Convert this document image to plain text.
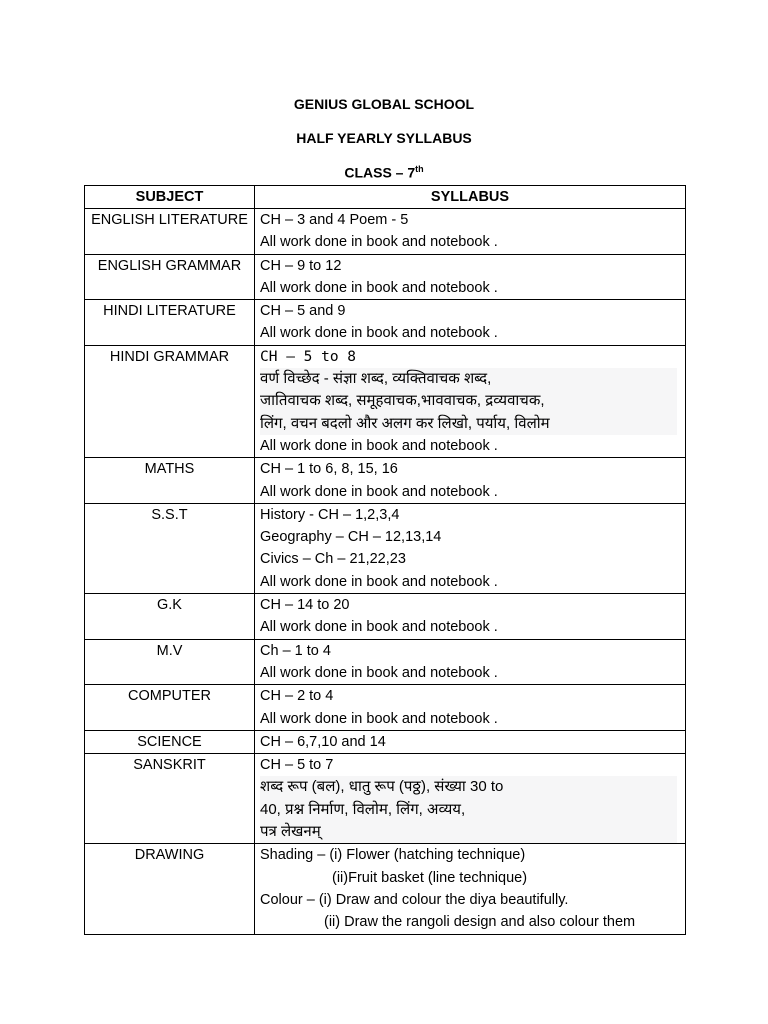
GENIUS GLOBAL SCHOOL
HALF YEARLY SYLLABUS
CLASS – 7th
SUBJECT	SYLLABUS
ENGLISH LITERATURE	CH – 3 and 4 Poem - 5
All work done in book and notebook .

ENGLISH GRAMMAR	CH – 9 to 12
All work done in book and notebook .

HINDI LITERATURE	CH – 5 and 9
All work done in book and notebook .

HINDI GRAMMAR	CH – 5 to 8
वर्ण विच्छेद - संज्ञा शब्द, व्यक्तिवाचक शब्द,
जातिवाचक शब्द, समूहवाचक,भाववाचक, द्रव्यवाचक,
लिंग, वचन बदलो और अलग कर लिखो, पर्याय, विलोम
All work done in book and notebook .

MATHS	CH – 1 to 6, 8, 15, 16
All work done in book and notebook .

S.S.T	History - CH – 1,2,3,4
Geography – CH – 12,13,14
Civics – Ch – 21,22,23
All work done in book and notebook .

G.K	CH – 14 to 20
All work done in book and notebook .

M.V	Ch – 1 to 4
All work done in book and notebook .

COMPUTER	CH – 2 to 4
All work done in book and notebook .

SCIENCE	CH – 6,7,10 and 14

SANSKRIT	CH – 5 to 7
शब्द रूप (बल), धातु रूप (पठ्ठ), संख्या 30 to
40, प्रश्न निर्माण, विलोम, लिंग, अव्यय,
पत्र लेखनम्

DRAWING	Shading – (i) Flower (hatching technique)
(ii)Fruit basket (line technique)
Colour – (i) Draw and colour the diya beautifully.
(ii) Draw the rangoli design and also colour them
